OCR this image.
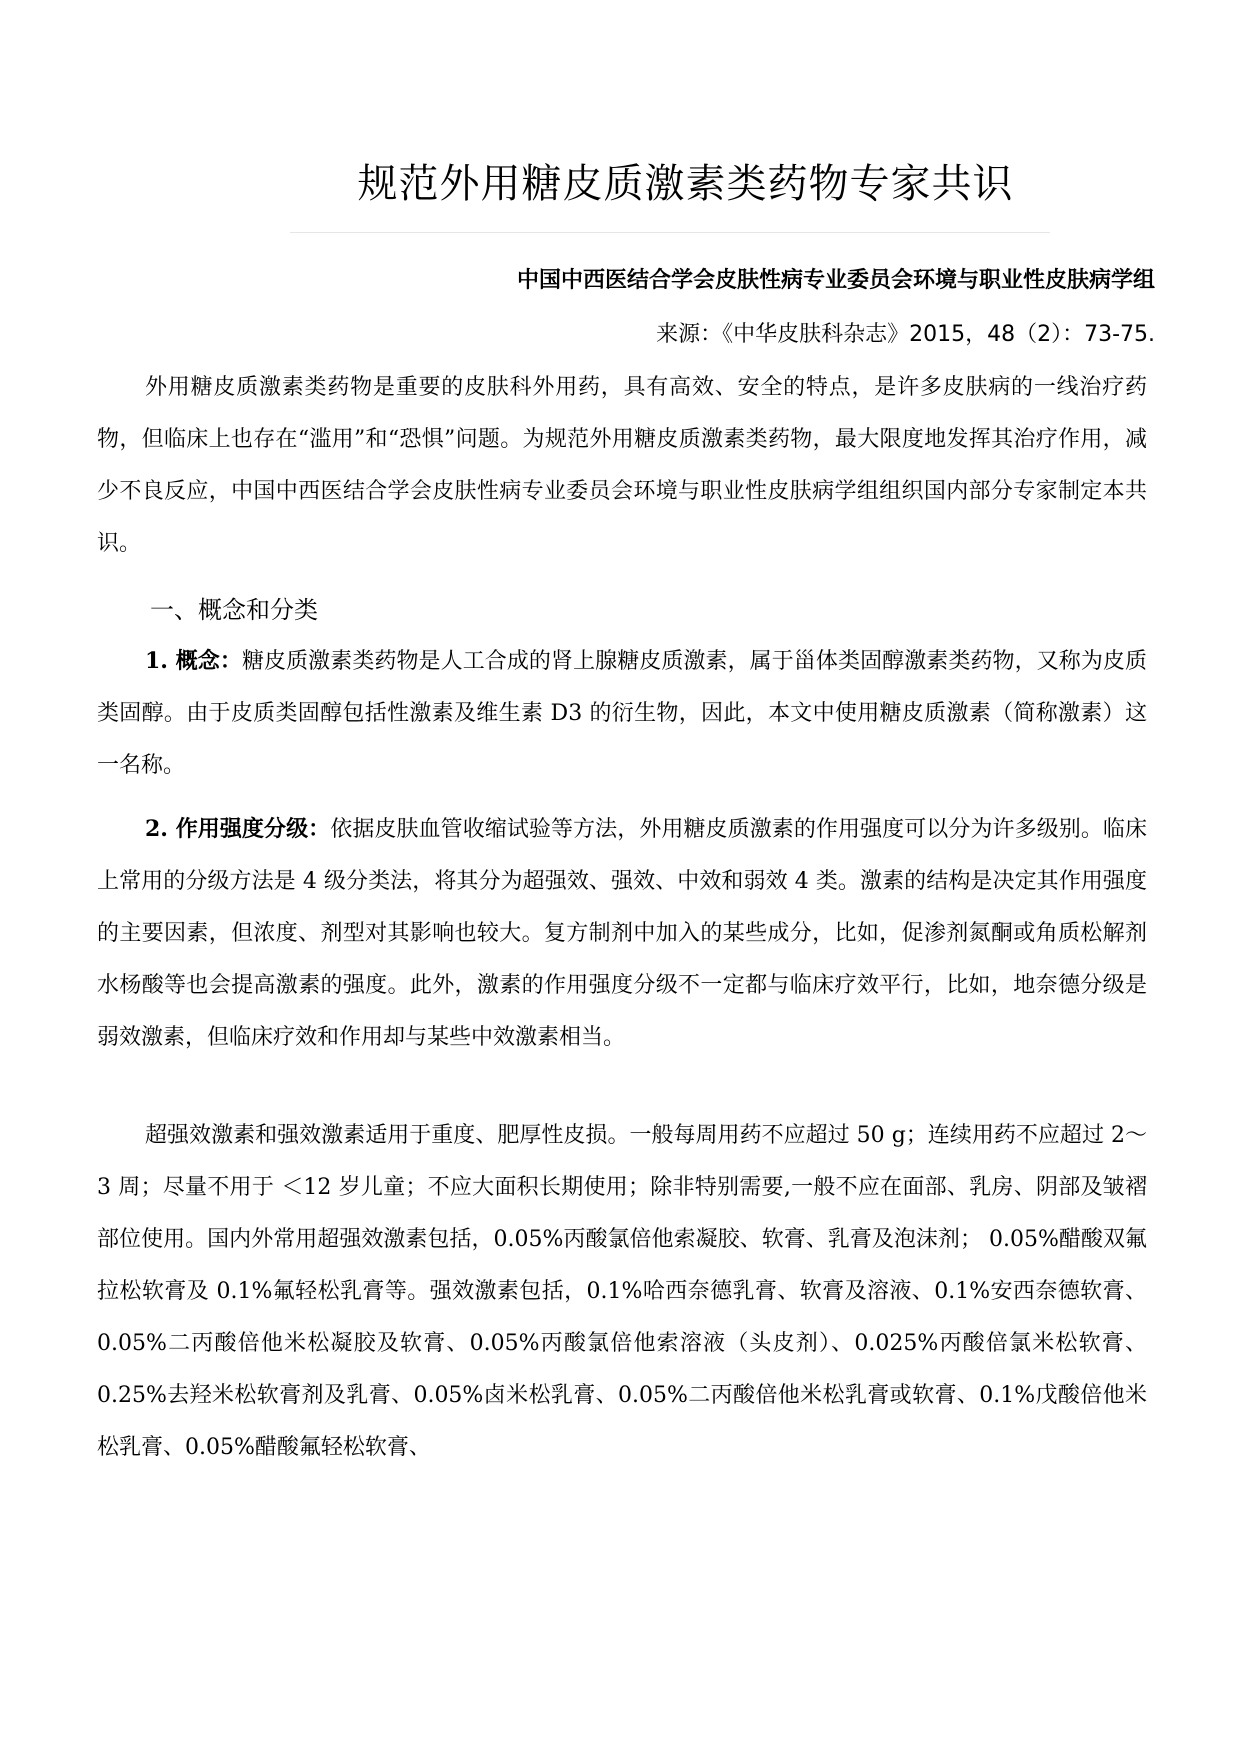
规范外用糖皮质激素类药物专家共识
中国中西医结合学会皮肤性病专业委员会环境与职业性皮肤病学组
来源：《中华皮肤科杂志》2015，48（2）：73-75.

外用糖皮质激素类药物是重要的皮肤科外用药，具有高效、安全的特点，是许多皮肤病的一线治疗药物，但临床上也存在“滥用”和“恐惧”问题。为规范外用糖皮质激素类药物，最大限度地发挥其治疗作用，减少不良反应，中国中西医结合学会皮肤性病专业委员会环境与职业性皮肤病学组组织国内部分专家制定本共识。

一、概念和分类

1. 概念：糖皮质激素类药物是人工合成的肾上腺糖皮质激素，属于甾体类固醇激素类药物，又称为皮质类固醇。由于皮质类固醇包括性激素及维生素 D3 的衍生物，因此，本文中使用糖皮质激素（简称激素）这一名称。

2. 作用强度分级：依据皮肤血管收缩试验等方法，外用糖皮质激素的作用强度可以分为许多级别。临床上常用的分级方法是 4 级分类法，将其分为超强效、强效、中效和弱效 4 类。激素的结构是决定其作用强度的主要因素，但浓度、剂型对其影响也较大。复方制剂中加入的某些成分，比如，促渗剂氮酮或角质松解剂水杨酸等也会提高激素的强度。此外，激素的作用强度分级不一定都与临床疗效平行，比如，地奈德分级是弱效激素，但临床疗效和作用却与某些中效激素相当。

超强效激素和强效激素适用于重度、肥厚性皮损。一般每周用药不应超过 50 g；连续用药不应超过 2～3 周；尽量不用于 ＜12 岁儿童；不应大面积长期使用；除非特别需要,一般不应在面部、乳房、阴部及皱褶部位使用。国内外常用超强效激素包括，0.05%丙酸氯倍他索凝胶、软膏、乳膏及泡沫剂； 0.05%醋酸双氟拉松软膏及 0.1%氟轻松乳膏等。强效激素包括，0.1%哈西奈德乳膏、软膏及溶液、0.1%安西奈德软膏、0.05%二丙酸倍他米松凝胶及软膏、0.05%丙酸氯倍他索溶液（头皮剂）、0.025%丙酸倍氯米松软膏、0.25%去羟米松软膏剂及乳膏、0.05%卤米松乳膏、0.05%二丙酸倍他米松乳膏或软膏、0.1%戊酸倍他米松乳膏、0.05%醋酸氟轻松软膏、
